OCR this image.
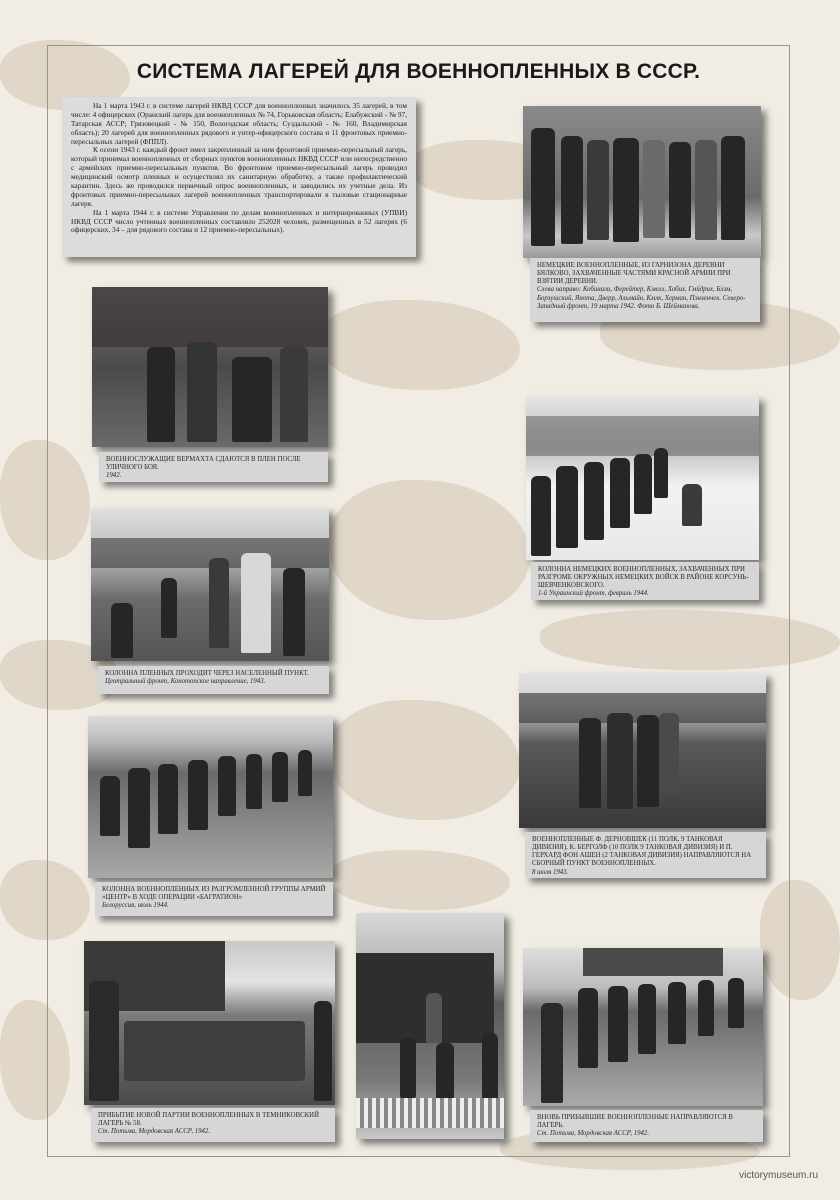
СИСТЕМА ЛАГЕРЕЙ ДЛЯ ВОЕННОПЛЕННЫХ В СССР.

На 1 марта 1943 г. в системе лагерей НКВД СССР для военнопленных значилось 35 лагерей, в том числе: 4 офицерских (Оранский лагерь для военнопленных № 74, Горьковская область; Елабужский - № 97, Татарская АССР; Грязовецкий - № 150, Вологодская область; Суздальский - № 160, Владимирская область); 20 лагерей для военнопленных рядового и унтер-офицерского состава и 11 фронтовых приемно-пересыльных лагерей (ФППЛ).

К осени 1943 г. каждый фронт имел закрепленный за ним фронтовой приемно-пересыльный лагерь, который принимал военнопленных от сборных пунктов военнопленных НКВД СССР или непосредственно с армейских приемно-пересыльных пунктов. Во фронтовом приемно-пересыльный лагерь проводил медицинский осмотр пленных и осуществлял их санитарную обработку, а также профилактический карантин. Здесь же проводился первичный опрос военнопленных, и заводились их учетные дела. Из фронтовых приемно-пересыльных лагерей военнопленных транспортировали в тыловые стационарные лагеря.

На 1 марта 1944 г. в системе Управления по делам военнопленных и интернированных (УПВИ) НКВД СССР число учтенных военнопленных составляло 252028 человек, размещенных в 52 лагерях (6 офицерских, 34 – для рядового состава и 12 приемно-пересыльных).

НЕМЕЦКИЕ ВОЕННОПЛЕННЫЕ, ИЗ ГАРНИЗОНА ДЕРЕВНИ БЯЛКОВО, ЗАХВАЧЕННЫЕ ЧАСТЯМИ КРАСНОЙ АРМИИ ПРИ ВЗЯТИИ ДЕРЕВНИ.
Слева направо: Кобинали, Ферейтер, Кмелл, Хобих, Гмйдрих, Блэм, Борзушский, Янота, Дверр, Альмайн, Кмлк, Херман, Пэнзенчек. Северо-Западный фронт, 19 марта 1942. Фото Б. Шейманова.
ВОЕННОСЛУЖАЩИЕ ВЕРМАХТА СДАЮТСЯ В ПЛЕН ПОСЛЕ УЛИЧНОГО БОЯ.
1942.
КОЛОННА НЕМЕЦКИХ ВОЕННОПЛЕННЫХ, ЗАХВАЧЕННЫХ ПРИ РАЗГРОМЕ ОКРУЖНЫХ НЕМЕЦКИХ ВОЙСК В РАЙОНЕ КОРСУНЬ-ШЕВЧЕНКОВСКОГО.
1-й Украинский фронт, февраль 1944.
КОЛОННА ПЛЕННЫХ ПРОХОДИТ ЧЕРЕЗ НАСЕЛЕННЫЙ ПУНКТ.
Центральный фронт, Конотопское направление, 1943.
ВОЕННОПЛЕННЫЕ Ф. ДЕРНОВШЕК (11 ПОЛК, 9 ТАНКОВАЯ ДИВИЗИЯ), К. БЕРГОЛФ (10 ПОЛК 9 ТАНКОВАЯ ДИВИЗИЯ) И П. ГЕРХАРД ФОН АШЕН (2 ТАНКОВАЯ ДИВИЗИЯ) НАПРАВЛЯЮТСЯ НА СБОРНЫЙ ПУНКТ ВОЕННОПЛЕННЫХ.
8 июля 1943.
КОЛОННА ВОЕННОПЛЕННЫХ ИЗ РАЗГРОМЛЕННОЙ ГРУППЫ АРМИЙ «ЦЕНТР» В ХОДЕ ОПЕРАЦИИ «БАГРАТИОН»
Белоруссия, июль 1944.
ПРИБЫТИЕ НОВОЙ ПАРТИИ ВОЕННОПЛЕННЫХ В ТЕМНИКОВСКИЙ ЛАГЕРЬ № 58.
Ст. Потьма, Мордовская АССР, 1942.
ВНОВЬ ПРИБЫВШИЕ ВОЕННОПЛЕННЫЕ НАПРАВЛЯЮТСЯ В ЛАГЕРЬ.
Ст. Потьма, Мордовская АССР, 1942.
victorymuseum.ru
